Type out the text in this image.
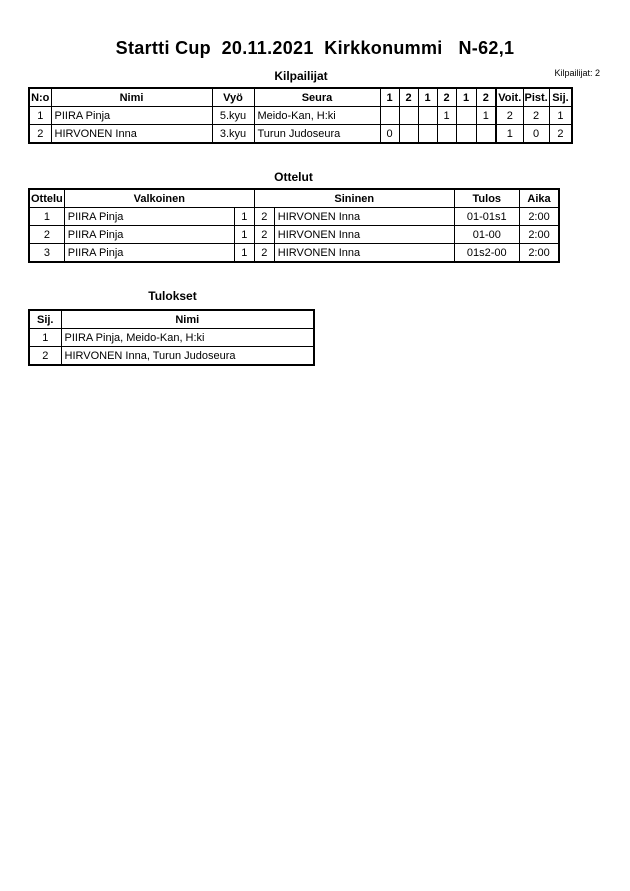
Startti Cup  20.11.2021  Kirkkonummi   N-62,1
Kilpailijat: 2
Kilpailijat
N:o	Nimi	Vyö	Seura	1	2	1	2	1	2	Voit.	Pist.	Sij.
1	PIIRA Pinja	5.kyu	Meido-Kan, H:ki				1		1	2	2	1
2	HIRVONEN Inna	3.kyu	Turun Judoseura	0						1	0	2
Ottelut
Ottelu	Valkoinen		Sininen		Tulos	Aika
1	PIIRA Pinja	1	2	HIRVONEN Inna	01-01s1	2:00
2	PIIRA Pinja	1	2	HIRVONEN Inna	01-00	2:00
3	PIIRA Pinja	1	2	HIRVONEN Inna	01s2-00	2:00
Tulokset
Sij.	Nimi
1	PIIRA Pinja, Meido-Kan, H:ki
2	HIRVONEN Inna, Turun Judoseura
